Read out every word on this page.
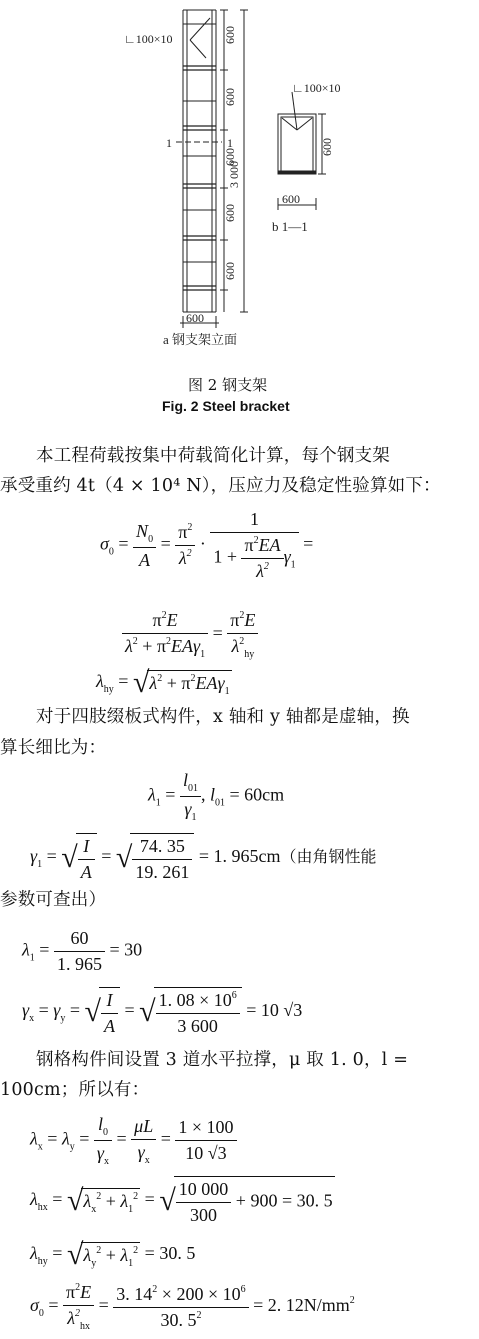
∟100×10	600
600
600
600
600
3 000
1	1
600
a 钢支架立面
∟100×10
600
600
b 1—1
图 2 钢支架
Fig. 2 Steel bracket
本工程荷载按集中荷载简化计算，每个钢支架
承受重约 4t（4 × 10⁴ N），压应力及稳定性验算如下：
$\sigma_0 = \frac{N_0}{A} = \frac{\pi^2}{\lambda^2} \cdot \frac{1}{1 + \frac{\pi^2EA}{\lambda^2} \gamma_1}$ =
$\frac{\pi^2E}{\lambda^2 + \pi^2EA\gamma_1} = \frac{\pi^2E}{\lambda^2_{hy}}$
$\lambda_{hy} = √\lambda^2 + \pi^2EA\gamma_1$
对于四肢缀板式构件，x 轴和 y 轴都是虚轴，换
算长细比为：
$\lambda_1 = \frac{l_{01}}{\gamma_1}$ , $l_{01} = 60cm$
$\gamma_1$ = √ $\frac{I}{A}$ = √ $\frac{74. 35}{19. 261} = 1$. 965cm（由角钢性能
参数可查出）
$\lambda_1 = \frac{60}{1. 965} = 30$
$\gamma_x = \gamma_y$ = √ $\frac{I}{A}$ = √ $\frac{1. 08 \times 10^6}{3 600} = 10$ √3
钢格构件间设置 3 道水平拉撑，μ 取 1. 0，l =
100cm；所以有：
$\lambda_x = \lambda_y = \frac{l_0}{\gamma_x} = \frac{\mu L}{\gamma_x} = \frac{1 \times 100}{10 √3}$
$\lambda_{hx} = √\lambda_x^2 + \lambda_1^2$ = √ $\frac{10 000}{300} + 900 = 30$. 5
$\lambda_{hy} = √\lambda_y^2 + \lambda_1^2 = 30$. 5
$\sigma_0 = \frac{\pi^2E}{\lambda^2_{hx}} = \frac{3. 14^2 \times 200 \times 10^6}{30. 5^2} = 2$. $12N/mm^2$
